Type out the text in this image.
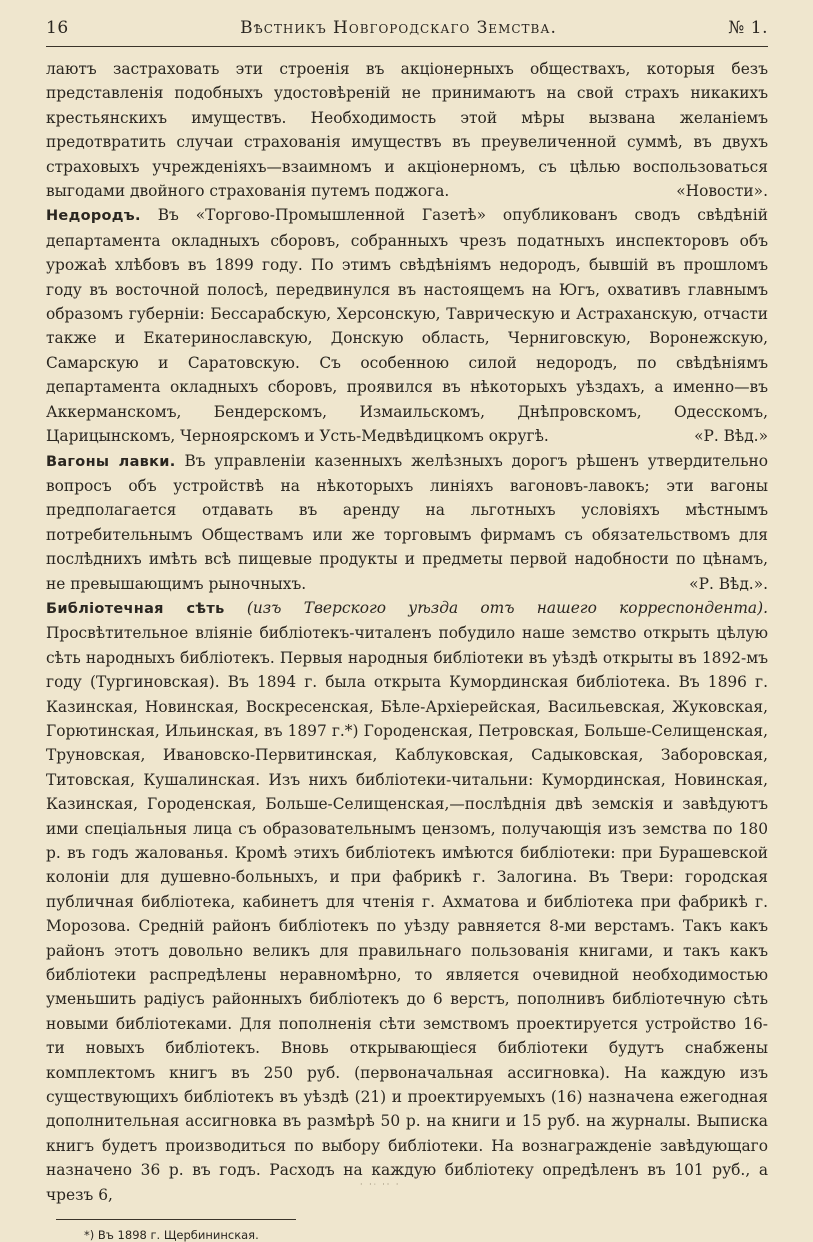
16	Вѣстникъ Новгородскаго Земства.	№ 1.

лаютъ застраховать эти строенія въ акціонерныхъ обществахъ, которыя безъ представленія подобныхъ удостовѣреній не принимаютъ на свой страхъ никакихъ крестьянскихъ имуществъ. Необходимость этой мѣры вызвана желаніемъ предотвратить случаи страхованія имуществъ въ преувеличенной суммѣ, въ двухъ страховыхъ учрежденіяхъ—взаимномъ и акціонерномъ, съ цѣлью воспользоваться выгодами двойного страхованія путемъ поджога.	«Новости».

Недородъ. Въ «Торгово-Промышленной Газетѣ» опубликованъ сводъ свѣдѣній департамента окладныхъ сборовъ, собранныхъ чрезъ податныхъ инспекторовъ объ урожаѣ хлѣбовъ въ 1899 году. По этимъ свѣдѣніямъ недородъ, бывшій въ прошломъ году въ восточной полосѣ, передвинулся въ настоящемъ на Югъ, охвативъ главнымъ образомъ губерніи: Бессарабскую, Херсонскую, Таврическую и Астраханскую, отчасти также и Екатеринославскую, Донскую область, Черниговскую, Воронежскую, Самарскую и Саратовскую. Съ особенною силой недородъ, по свѣдѣніямъ департамента окладныхъ сборовъ, проявился въ нѣкоторыхъ уѣздахъ, а именно—въ Аккерманскомъ, Бендерскомъ, Измаильскомъ, Днѣпровскомъ, Одесскомъ, Царицынскомъ, Черноярскомъ и Усть-Медвѣдицкомъ округѣ.	«Р. Вѣд.»

Вагоны лавки. Въ управленіи казенныхъ желѣзныхъ дорогъ рѣшенъ утвердительно вопросъ объ устройствѣ на нѣкоторыхъ линіяхъ вагоновъ-лавокъ; эти вагоны предполагается отдавать въ аренду на льготныхъ условіяхъ мѣстнымъ потребительнымъ Обществамъ или же торговымъ фирмамъ съ обязательствомъ для послѣднихъ имѣть всѣ пищевые продукты и предметы первой надобности по цѣнамъ, не превышающимъ рыночныхъ.	«Р. Вѣд.».

Библіотечная сѣть (изъ Тверского уѣзда отъ нашего корреспондента). Просвѣтительное вліяніе библіотекъ-читаленъ побудило наше земство открыть цѣлую сѣть народныхъ библіотекъ. Первыя народныя библіотеки въ уѣздѣ открыты въ 1892-мъ году (Тургиновская). Въ 1894 г. была открыта Кумординская библіотека. Въ 1896 г. Казинская, Новинская, Воскресенская, Бѣле-Архіерейская, Васильевская, Жуковская, Горютинская, Ильинская, въ 1897 г.*) Городенская, Петровская, Больше-Селищенская, Труновская, Ивановско-Первитинская, Каблуковская, Садыковская, Заборовская, Титовская, Кушалинская. Изъ нихъ библіотеки-читальни: Кумординская, Новинская, Казинская, Городенская, Больше-Селищенская,—послѣднія двѣ земскія и завѣдуютъ ими спеціальныя лица съ образовательнымъ цензомъ, получающія изъ земства по 180 р. въ годъ жалованья. Кромѣ этихъ библіотекъ имѣются библіотеки: при Бурашевской колоніи для душевно-больныхъ, и при фабрикѣ г. Залогина. Въ Твери: городская публичная библіотека, кабинетъ для чтенія г. Ахматова и библіотека при фабрикѣ г. Морозова. Средній районъ библіотекъ по уѣзду равняется 8-ми верстамъ. Такъ какъ районъ этотъ довольно великъ для правильнаго пользованія книгами, и такъ какъ библіотеки распредѣлены неравномѣрно, то является очевидной необходимостью уменьшить радіусъ районныхъ библіотекъ до 6 верстъ, пополнивъ библіотечную сѣть новыми библіотеками. Для пополненія сѣти земствомъ проектируется устройство 16-ти новыхъ библіотекъ. Вновь открывающіеся библіотеки будутъ снабжены комплектомъ книгъ въ 250 руб. (первоначальная ассигновка). На каждую изъ существующихъ библіотекъ въ уѣздѣ (21) и проектируемыхъ (16) назначена ежегодная дополнительная ассигновка въ размѣрѣ 50 р. на книги и 15 руб. на журналы. Выписка книгъ будетъ производиться по выбору библіотеки. На вознагражденіе завѣдующаго назначено 36 р. въ годъ. Расходъ на каждую библіотеку опредѣленъ въ 101 руб., а чрезъ 6,

*) Въ 1898 г. Щербининская.
· ·ᐧ ·· ·
